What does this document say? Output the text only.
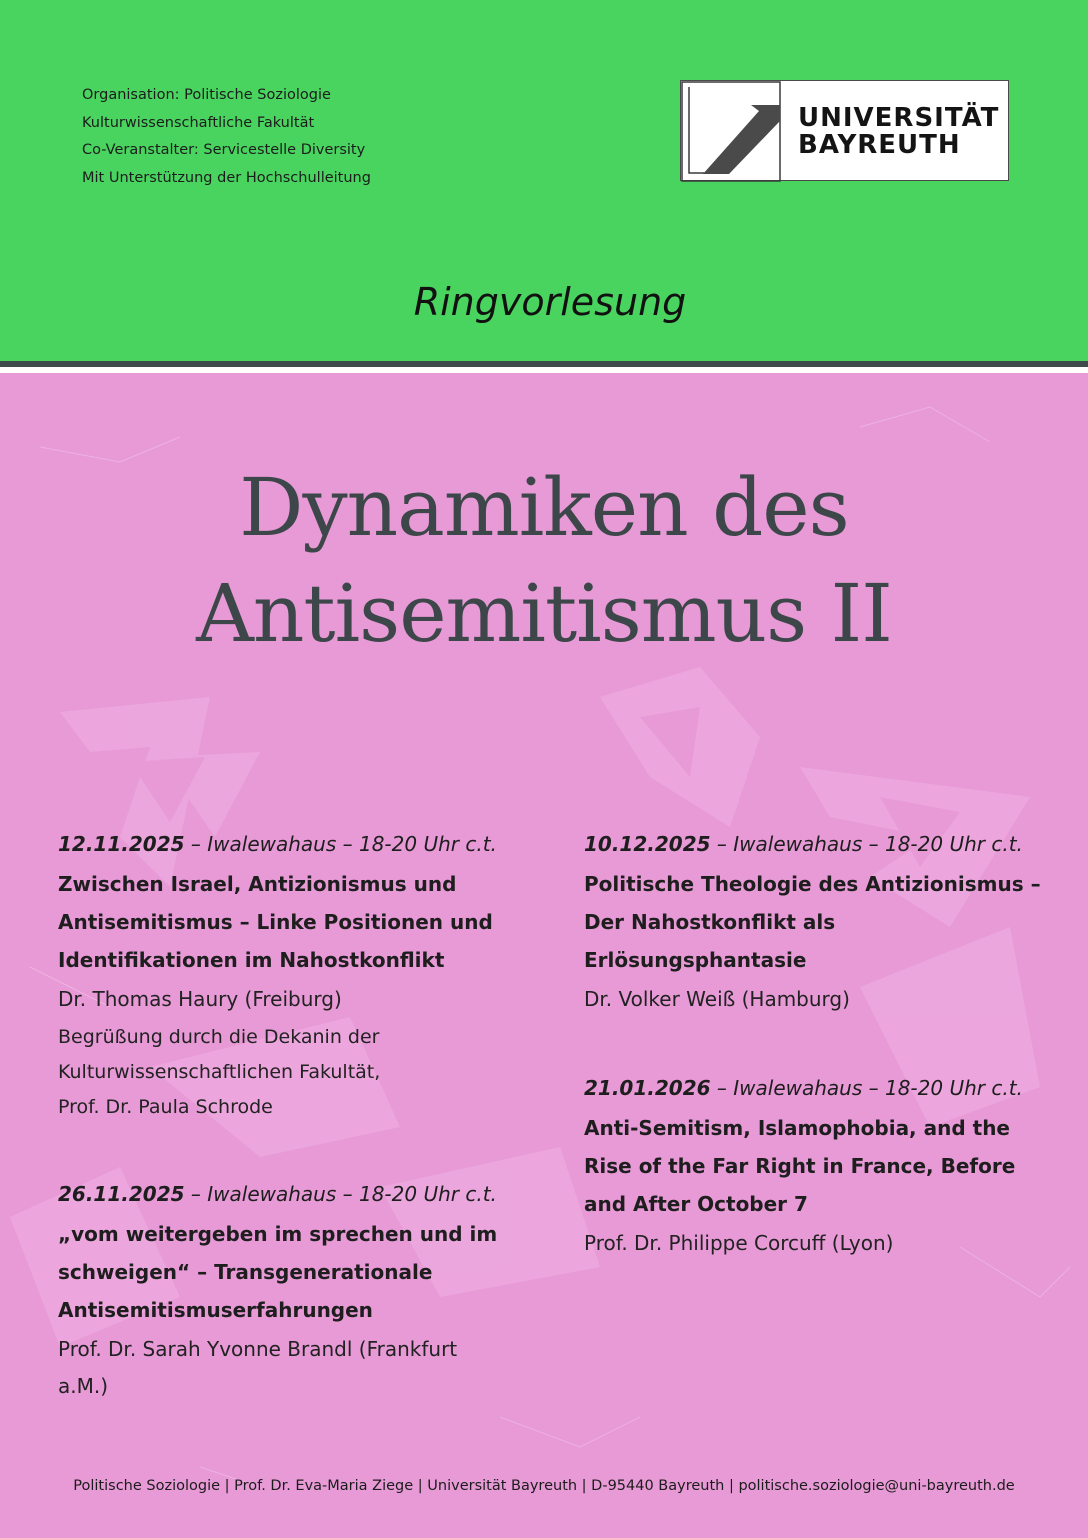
Organisation: Politische Soziologie
Kulturwissenschaftliche Fakultät
Co-Veranstalter: Servicestelle Diversity
Mit Unterstützung der Hochschulleitung
UNIVERSITÄT
BAYREUTH
Ringvorlesung
Dynamiken des
Antisemitismus II
12.11.2025 – Iwalewahaus – 18-20 Uhr c.t.
Zwischen Israel, Antizionismus und Antisemitismus – Linke Positionen und Identifikationen im Nahostkonflikt
Dr. Thomas Haury (Freiburg)
Begrüßung durch die Dekanin der Kulturwissenschaftlichen Fakultät, Prof. Dr. Paula Schrode
26.11.2025 – Iwalewahaus – 18-20 Uhr c.t.
„vom weitergeben im sprechen und im schweigen“ – Transgenerationale Antisemitismuserfahrungen
Prof. Dr. Sarah Yvonne Brandl (Frankfurt a.M.)
10.12.2025 – Iwalewahaus – 18-20 Uhr c.t.
Politische Theologie des Antizionismus – Der Nahostkonflikt als Erlösungsphantasie
Dr. Volker Weiß (Hamburg)
21.01.2026 – Iwalewahaus – 18-20 Uhr c.t.
Anti-Semitism, Islamophobia, and the Rise of the Far Right in France, Before and After October 7
Prof. Dr. Philippe Corcuff (Lyon)
Politische Soziologie | Prof. Dr. Eva-Maria Ziege | Universität Bayreuth | D-95440 Bayreuth | politische.soziologie@uni-bayreuth.de
